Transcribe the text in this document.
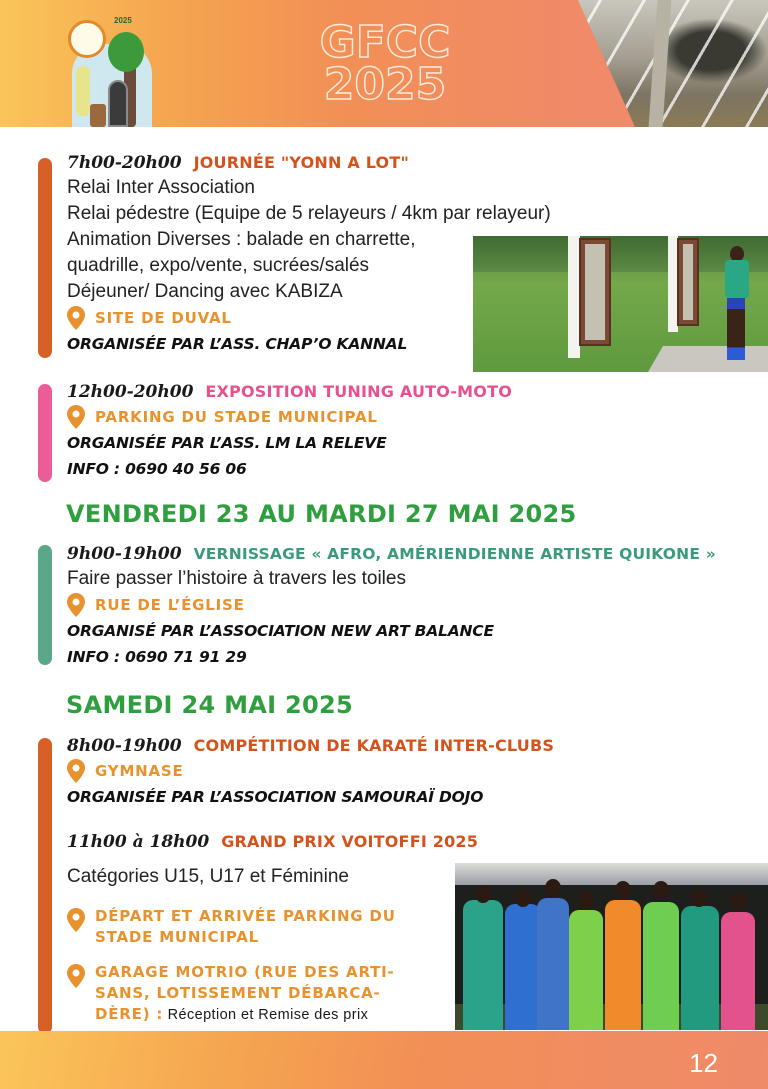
2025	GFCC
2025
7h00-20h00 JOURNÉE "YONN A LOT"
Relai Inter Association
Relai pédestre (Equipe de 5 relayeurs / 4km par relayeur)
Animation Diverses : balade en charrette,
quadrille, expo/vente, sucrées/salés
Déjeuner/ Dancing avec KABIZA
SITE DE DUVAL
ORGANISÉE PAR L’ASS. CHAP’O KANNAL
12h00-20h00 EXPOSITION TUNING AUTO-MOTO
PARKING DU STADE MUNICIPAL
ORGANISÉE PAR L’ASS. LM LA RELEVE
INFO : 0690 40 56 06
VENDREDI 23 AU MARDI 27 MAI 2025
9h00-19h00 VERNISSAGE « AFRO, AMÉRIENDIENNE ARTISTE QUIKONE »
Faire passer l’histoire à travers les toiles
RUE DE L’ÉGLISE
ORGANISÉ PAR L’ASSOCIATION NEW ART BALANCE
INFO : 0690 71 91 29
SAMEDI 24 MAI 2025
8h00-19h00 COMPÉTITION DE KARATÉ INTER-CLUBS
GYMNASE
ORGANISÉE PAR L’ASSOCIATION SAMOURAÏ DOJO
11h00 à 18h00 GRAND PRIX VOITOFFI 2025
Catégories U15, U17 et Féminine
DÉPART ET ARRIVÉE PARKING DU
STADE MUNICIPAL
GARAGE MOTRIO (RUE DES ARTI-
SANS, LOTISSEMENT DÉBARCA-
DÈRE) : Réception et Remise des prix
12
